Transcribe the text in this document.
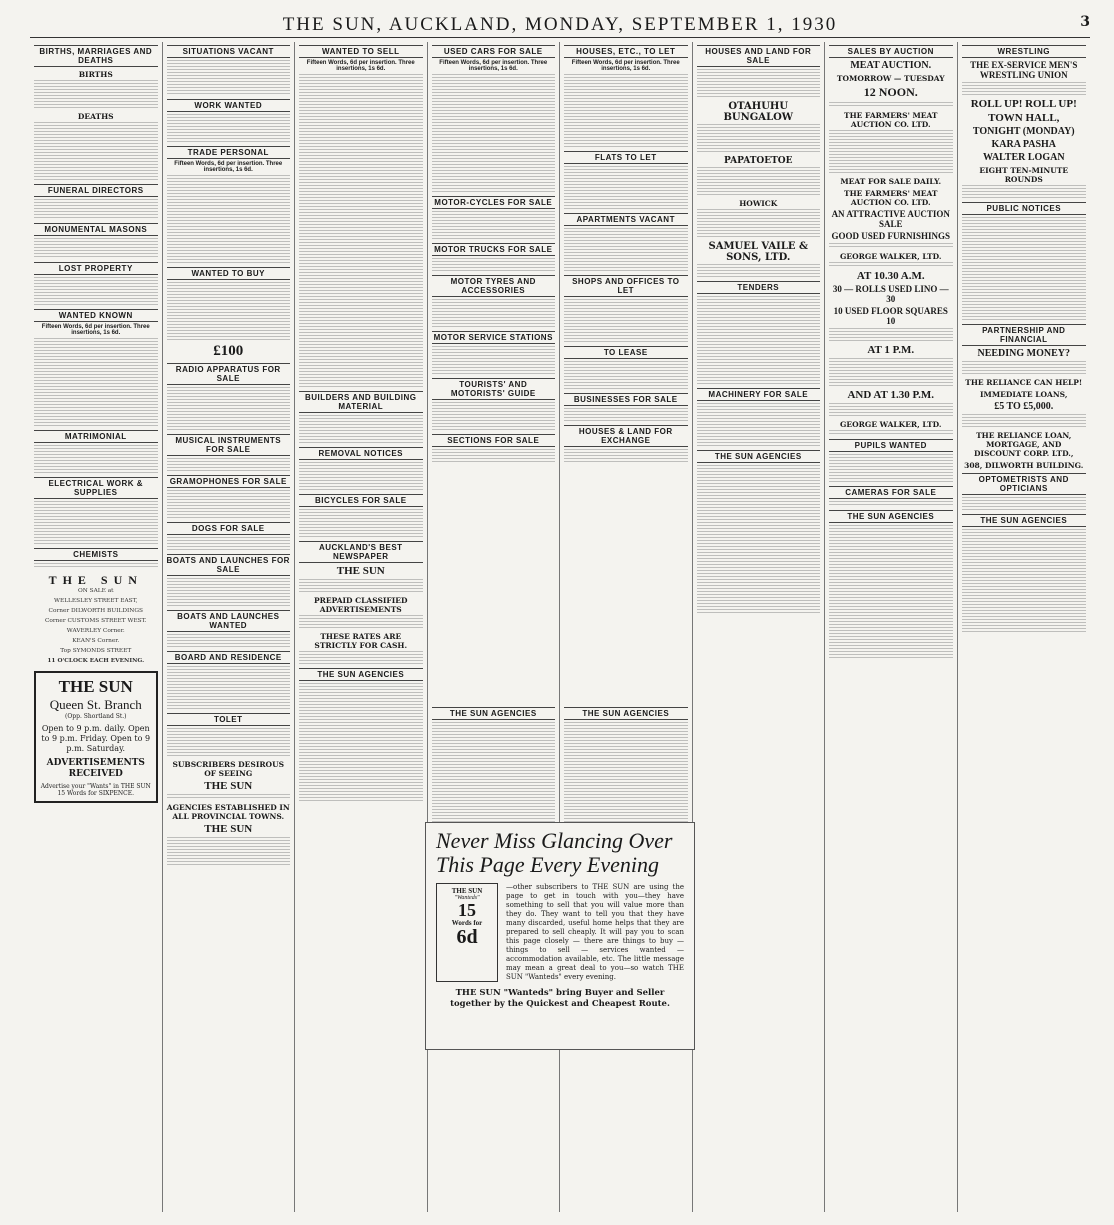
THE SUN, AUCKLAND, MONDAY, SEPTEMBER 1, 1930	3
BIRTHS, MARRIAGES AND DEATHS
BIRTHS
DEATHS
FUNERAL DIRECTORS
MONUMENTAL MASONS
LOST PROPERTY
WANTED KNOWN
Fifteen Words, 6d per insertion. Three insertions, 1s 6d.
MATRIMONIAL
ELECTRICAL WORK & SUPPLIES
CHEMISTS
THE SUN
ON SALE at
WELLESLEY STREET EAST,
Corner DILWORTH BUILDINGS
Corner CUSTOMS STREET WEST.
WAVERLEY Corner.
KEAN'S Corner.
Top SYMONDS STREET
11 O'CLOCK EACH EVENING.
THE SUN
Queen St. Branch
(Opp. Shortland St.)
Open to 9 p.m. daily. Open to 9 p.m. Friday. Open to 9 p.m. Saturday.
ADVERTISEMENTS RECEIVED
Advertise your "Wants" in THE SUN 15 Words for SIXPENCE.
SITUATIONS VACANT
WORK WANTED
TRADE PERSONAL
Fifteen Words, 6d per insertion. Three insertions, 1s 6d.
WANTED TO BUY
£100
RADIO APPARATUS FOR SALE
MUSICAL INSTRUMENTS FOR SALE
GRAMOPHONES FOR SALE
DOGS FOR SALE
BOATS AND LAUNCHES FOR SALE
BOATS AND LAUNCHES WANTED
BOARD AND RESIDENCE
TOLET
SUBSCRIBERS DESIROUS OF SEEING
THE SUN
AGENCIES ESTABLISHED IN ALL PROVINCIAL TOWNS.
THE SUN
WANTED TO SELL
Fifteen Words, 6d per insertion. Three insertions, 1s 6d.
BUILDERS AND BUILDING MATERIAL
REMOVAL NOTICES
BICYCLES FOR SALE
AUCKLAND'S BEST NEWSPAPER
THE SUN
PREPAID CLASSIFIED ADVERTISEMENTS
THESE RATES ARE STRICTLY FOR CASH.
THE SUN AGENCIES
USED CARS FOR SALE
Fifteen Words, 6d per insertion. Three insertions, 1s 6d.
MOTOR-CYCLES FOR SALE
MOTOR TRUCKS FOR SALE
MOTOR TYRES AND ACCESSORIES
MOTOR SERVICE STATIONS
TOURISTS' AND MOTORISTS' GUIDE
SECTIONS FOR SALE
THE SUN AGENCIES
HOUSES, ETC., TO LET
Fifteen Words, 6d per insertion. Three insertions, 1s 6d.
FLATS TO LET
APARTMENTS VACANT
SHOPS AND OFFICES TO LET
TO LEASE
BUSINESSES FOR SALE
HOUSES & LAND FOR EXCHANGE
THE SUN AGENCIES
HOUSES AND LAND FOR SALE
OTAHUHU BUNGALOW
PAPATOETOE
HOWICK
SAMUEL VAILE & SONS, LTD.
TENDERS
MACHINERY FOR SALE
THE SUN AGENCIES
SALES BY AUCTION
MEAT AUCTION.
TOMORROW — TUESDAY
12 NOON.
THE FARMERS' MEAT AUCTION CO. LTD.
MEAT FOR SALE DAILY.
THE FARMERS' MEAT AUCTION CO. LTD.
AN ATTRACTIVE AUCTION SALE
GOOD USED FURNISHINGS
GEORGE WALKER, LTD.
AT 10.30 A.M.
30 — ROLLS USED LINO — 30
10 USED FLOOR SQUARES 10
AT 1 P.M.
AND AT 1.30 P.M.
GEORGE WALKER, LTD.
PUPILS WANTED
CAMERAS FOR SALE
THE SUN AGENCIES
WRESTLING
THE EX-SERVICE MEN'S WRESTLING UNION
ROLL UP! ROLL UP!
TOWN HALL,
TONIGHT (MONDAY)
KARA PASHA
WALTER LOGAN
EIGHT TEN-MINUTE ROUNDS
PUBLIC NOTICES
PARTNERSHIP AND FINANCIAL
NEEDING MONEY?
THE RELIANCE CAN HELP!
IMMEDIATE LOANS,
£5 TO £5,000.
THE RELIANCE LOAN, MORTGAGE, AND DISCOUNT CORP. LTD.,
308, DILWORTH BUILDING.
OPTOMETRISTS AND OPTICIANS
THE SUN AGENCIES
Never Miss Glancing Over This Page Every Evening
THE SUN
"Wanteds"
15
Words for
6d
—other subscribers to THE SUN are using the page to get in touch with you—they have something to sell that you will value more than they do. They want to tell you that they have many discarded, useful home helps that they are prepared to sell cheaply. It will pay you to scan this page closely — there are things to buy — things to sell — services wanted — accommodation available, etc. The little message may mean a great deal to you—so watch THE SUN "Wanteds" every evening.
THE SUN "Wanteds" bring Buyer and Seller together by the Quickest and Cheapest Route.
